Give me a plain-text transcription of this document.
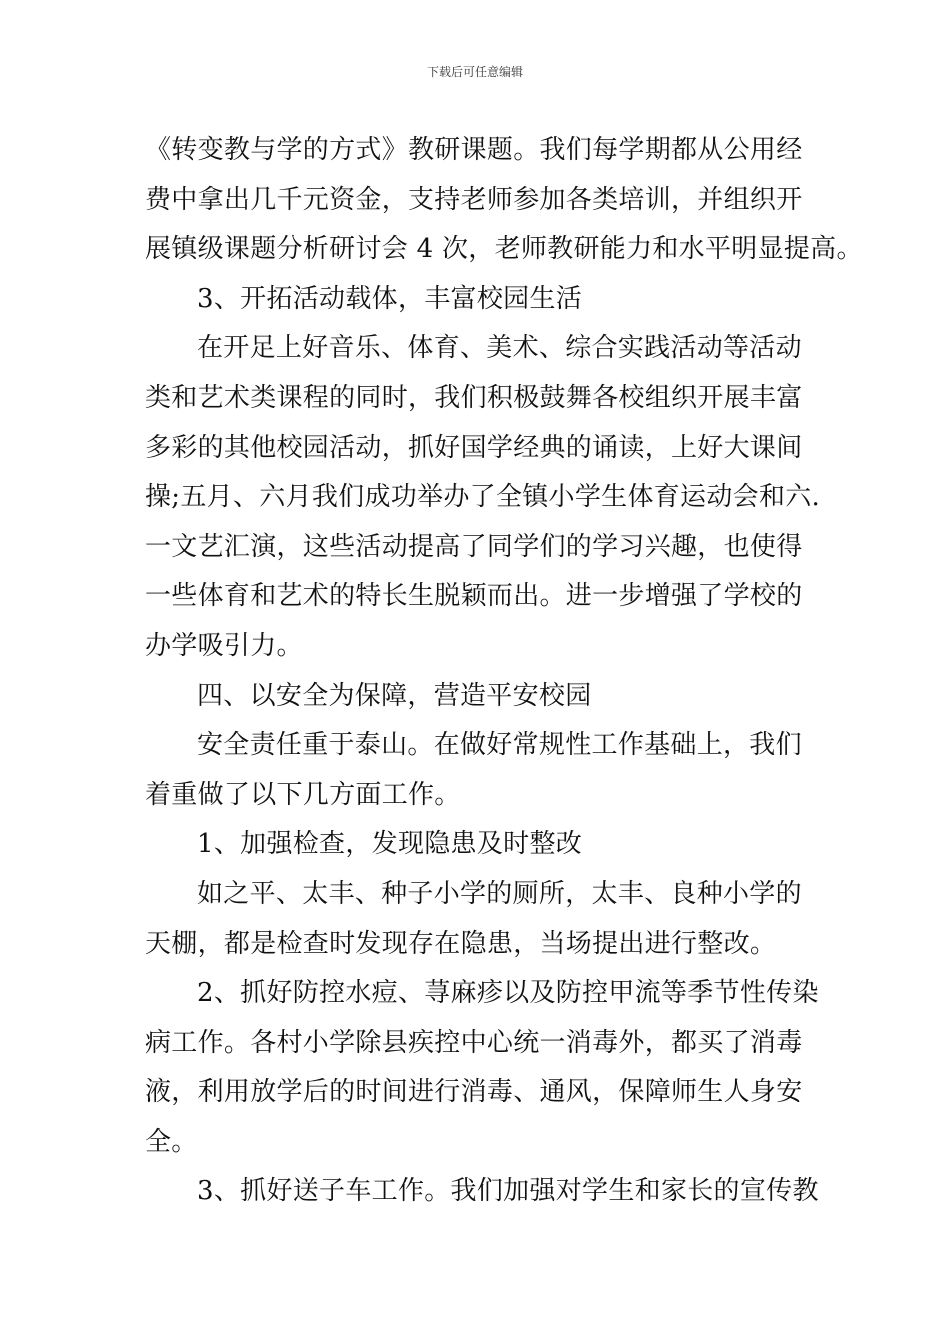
下载后可任意编辑
《转变教与学的方式》教研课题。我们每学期都从公用经
费中拿出几千元资金，支持老师参加各类培训，并组织开
展镇级课题分析研讨会 4 次，老师教研能力和水平明显提高。
3、开拓活动载体，丰富校园生活
在开足上好音乐、体育、美术、综合实践活动等活动
类和艺术类课程的同时，我们积极鼓舞各校组织开展丰富
多彩的其他校园活动，抓好国学经典的诵读，上好大课间
操;五月、六月我们成功举办了全镇小学生体育运动会和六.
一文艺汇演，这些活动提高了同学们的学习兴趣，也使得
一些体育和艺术的特长生脱颖而出。进一步增强了学校的
办学吸引力。
四、以安全为保障，营造平安校园
安全责任重于泰山。在做好常规性工作基础上，我们
着重做了以下几方面工作。
1、加强检查，发现隐患及时整改
如之平、太丰、种子小学的厕所，太丰、良种小学的
天棚，都是检查时发现存在隐患，当场提出进行整改。
2、抓好防控水痘、荨麻疹以及防控甲流等季节性传染
病工作。各村小学除县疾控中心统一消毒外，都买了消毒
液，利用放学后的时间进行消毒、通风，保障师生人身安
全。
3、抓好送子车工作。我们加强对学生和家长的宣传教
